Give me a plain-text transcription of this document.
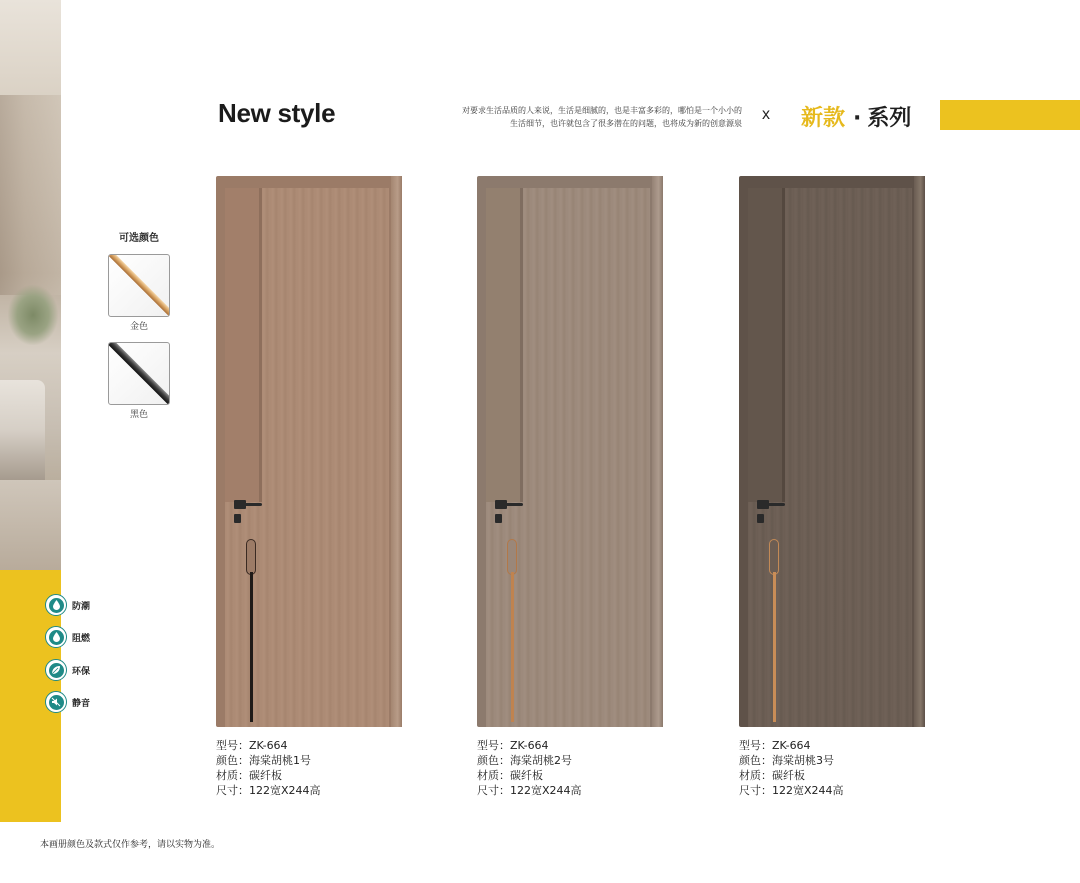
New style	对要求生活品质的人来说，生活是细腻的，也是丰富多彩的，哪怕是一个小小的
生活细节，也许就包含了很多潜在的问题，也将成为新的创意源泉
x 新款 · 系列
可选颜色
金色
黑色
防潮
阻燃
环保
静音
型号：ZK-664
颜色：海棠胡桃1号
材质：碳纤板
尺寸：122宽X244高
型号：ZK-664
颜色：海棠胡桃2号
材质：碳纤板
尺寸：122宽X244高
型号：ZK-664
颜色：海棠胡桃3号
材质：碳纤板
尺寸：122宽X244高
本画册颜色及款式仅作参考，请以实物为准。
